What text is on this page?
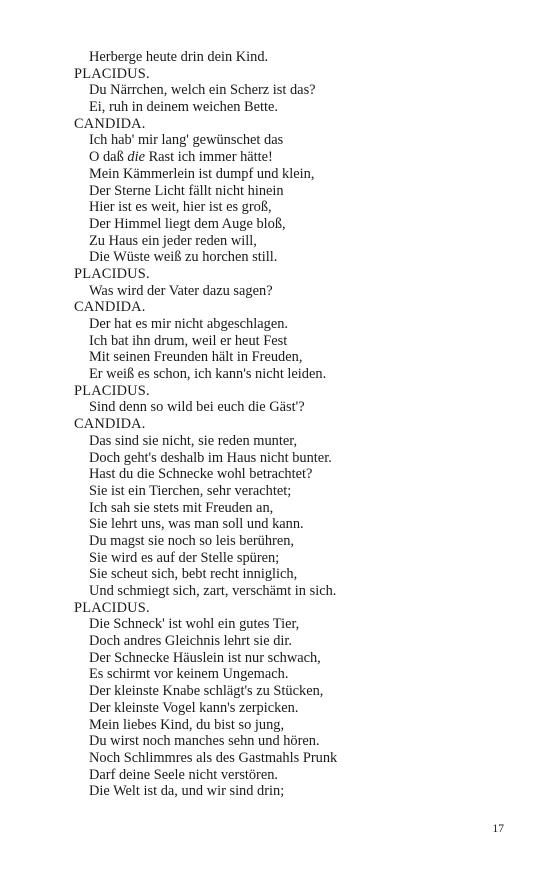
Herberge heute drin dein Kind.
PLACIDUS.
Du Närrchen, welch ein Scherz ist das?
Ei, ruh in deinem weichen Bette.
CANDIDA.
Ich hab' mir lang' gewünschet das
O daß die Rast ich immer hätte!
Mein Kämmerlein ist dumpf und klein,
Der Sterne Licht fällt nicht hinein
Hier ist es weit, hier ist es groß,
Der Himmel liegt dem Auge bloß,
Zu Haus ein jeder reden will,
Die Wüste weiß zu horchen still.
PLACIDUS.
Was wird der Vater dazu sagen?
CANDIDA.
Der hat es mir nicht abgeschlagen.
Ich bat ihn drum, weil er heut Fest
Mit seinen Freunden hält in Freuden,
Er weiß es schon, ich kann's nicht leiden.
PLACIDUS.
Sind denn so wild bei euch die Gäst'?
CANDIDA.
Das sind sie nicht, sie reden munter,
Doch geht's deshalb im Haus nicht bunter.
Hast du die Schnecke wohl betrachtet?
Sie ist ein Tierchen, sehr verachtet;
Ich sah sie stets mit Freuden an,
Sie lehrt uns, was man soll und kann.
Du magst sie noch so leis berühren,
Sie wird es auf der Stelle spüren;
Sie scheut sich, bebt recht inniglich,
Und schmiegt sich, zart, verschämt in sich.
PLACIDUS.
Die Schneck' ist wohl ein gutes Tier,
Doch andres Gleichnis lehrt sie dir.
Der Schnecke Häuslein ist nur schwach,
Es schirmt vor keinem Ungemach.
Der kleinste Knabe schlägt's zu Stücken,
Der kleinste Vogel kann's zerpicken.
Mein liebes Kind, du bist so jung,
Du wirst noch manches sehn und hören.
Noch Schlimmres als des Gastmahls Prunk
Darf deine Seele nicht verstören.
Die Welt ist da, und wir sind drin;
17
